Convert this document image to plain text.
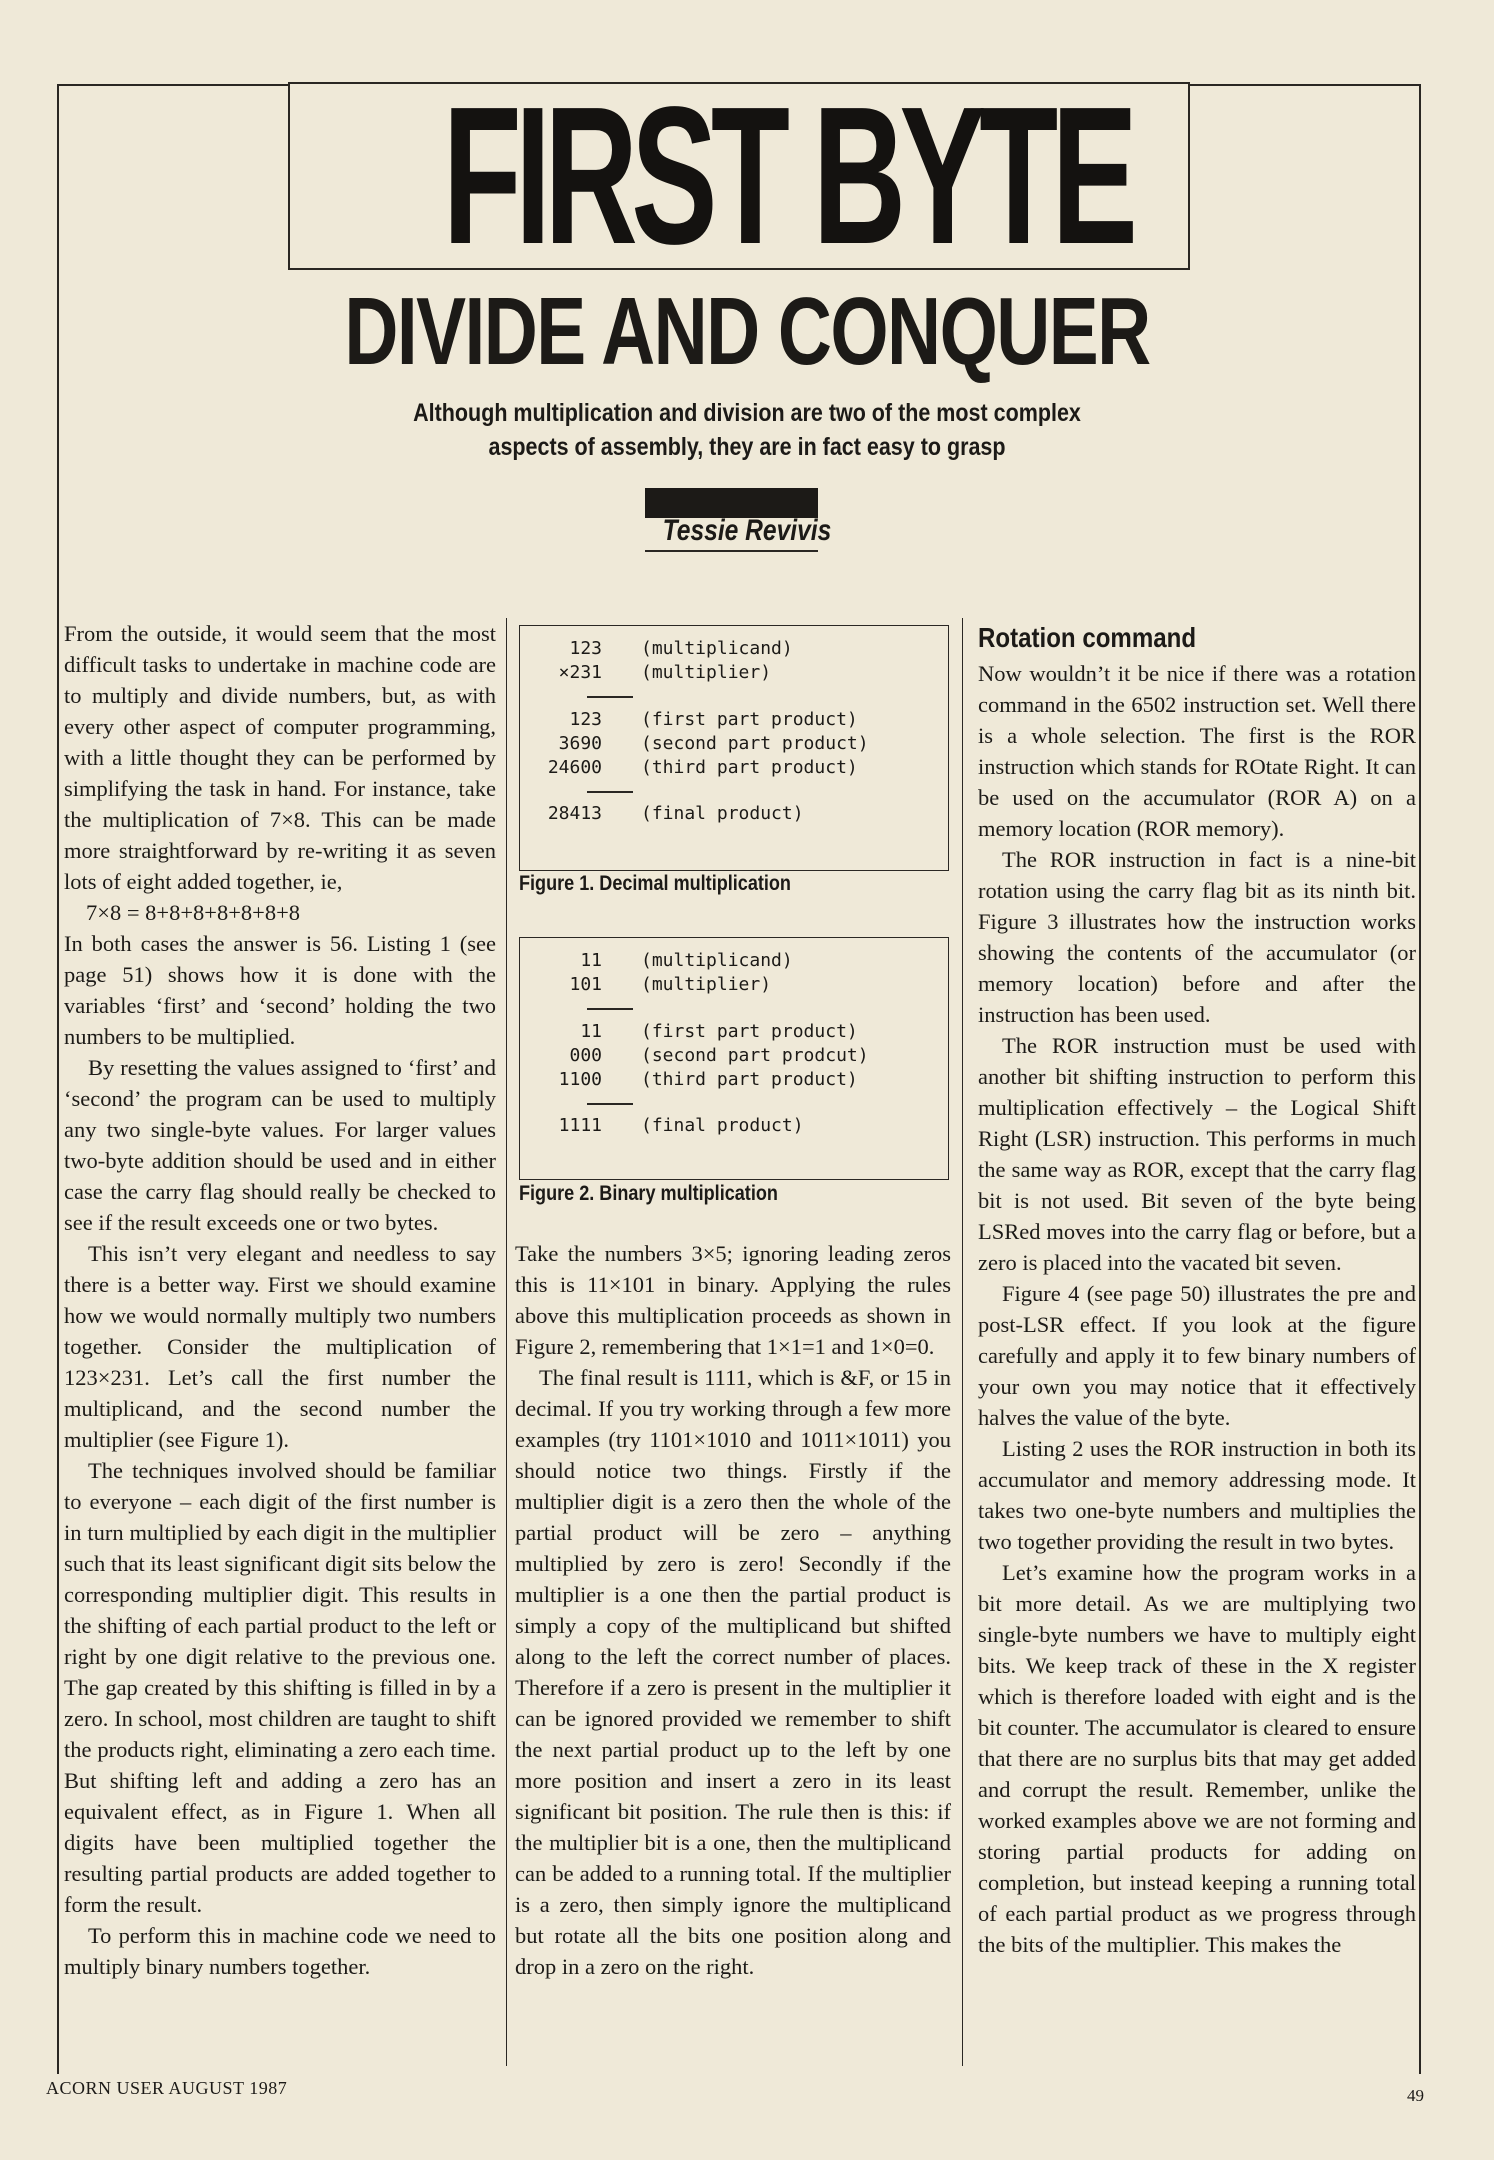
FIRST BYTE
DIVIDE AND CONQUER
Although multiplication and division are two of the most complex
aspects of assembly, they are in fact easy to grasp
Tessie Revivis

From the outside, it would seem that the most difficult tasks to undertake in machine code are to multiply and divide numbers, but, as with every other aspect of computer programming, with a little thought they can be performed by simplifying the task in hand. For instance, take the multiplication of 7×8. This can be made more straightforward by re-writing it as seven lots of eight added together, ie,

7×8 = 8+8+8+8+8+8+8

In both cases the answer is 56. Listing 1 (see page 51) shows how it is done with the variables ‘first’ and ‘second’ holding the two numbers to be multiplied.

By resetting the values assigned to ‘first’ and ‘second’ the program can be used to multiply any two single-byte values. For larger values two-byte addition should be used and in either case the carry flag should really be checked to see if the result exceeds one or two bytes.

This isn’t very elegant and needless to say there is a better way. First we should examine how we would normally multiply two numbers together. Consider the multiplication of 123×231. Let’s call the first number the multiplicand, and the second number the multiplier (see Figure 1).

The techniques involved should be familiar to everyone – each digit of the first number is in turn multiplied by each digit in the multiplier such that its least significant digit sits below the corresponding multiplier digit. This results in the shifting of each partial product to the left or right by one digit relative to the previous one. The gap created by this shifting is filled in by a zero. In school, most children are taught to shift the products right, eliminating a zero each time. But shifting left and adding a zero has an equivalent effect, as in Figure 1. When all digits have been multiplied together the resulting partial products are added together to form the result.

To perform this in machine code we need to multiply binary numbers together.

123 (multiplicand)
×231 (multiplier)
123 (first part product)
3690 (second part product)
24600 (third part product)
28413 (final product)
Figure 1. Decimal multiplication
11 (multiplicand)
101 (multiplier)
11 (first part product)
000 (second part prodcut)
1100 (third part product)
1111 (final product)
Figure 2. Binary multiplication

Take the numbers 3×5; ignoring leading zeros this is 11×101 in binary. Applying the rules above this multiplication proceeds as shown in Figure 2, remembering that 1×1=1 and 1×0=0.

The final result is 1111, which is &F, or 15 in decimal. If you try working through a few more examples (try 1101×1010 and 1011×1011) you should notice two things. Firstly if the multiplier digit is a zero then the whole of the partial product will be zero – anything multiplied by zero is zero! Secondly if the multiplier is a one then the partial product is simply a copy of the multiplicand but shifted along to the left the correct number of places. Therefore if a zero is present in the multiplier it can be ignored provided we remember to shift the next partial product up to the left by one more position and insert a zero in its least significant bit position. The rule then is this: if the multiplier bit is a one, then the multiplicand can be added to a running total. If the multiplier is a zero, then simply ignore the multiplicand but rotate all the bits one position along and drop in a zero on the right.

Rotation command

Now wouldn’t it be nice if there was a rotation command in the 6502 instruction set. Well there is a whole selection. The first is the ROR instruction which stands for ROtate Right. It can be used on the accumulator (ROR A) on a memory location (ROR memory).

The ROR instruction in fact is a nine-bit rotation using the carry flag bit as its ninth bit. Figure 3 illustrates how the instruction works showing the contents of the accumulator (or memory location) before and after the instruction has been used.

The ROR instruction must be used with another bit shifting instruction to perform this multiplication effectively – the Logical Shift Right (LSR) instruction. This performs in much the same way as ROR, except that the carry flag bit is not used. Bit seven of the byte being LSRed moves into the carry flag or before, but a zero is placed into the vacated bit seven.

Figure 4 (see page 50) illustrates the pre and post-LSR effect. If you look at the figure carefully and apply it to few binary numbers of your own you may notice that it effectively halves the value of the byte.

Listing 2 uses the ROR instruction in both its accumulator and memory addressing mode. It takes two one-byte numbers and multiplies the two together providing the result in two bytes.

Let’s examine how the program works in a bit more detail. As we are multiplying two single-byte numbers we have to multiply eight bits. We keep track of these in the X register which is therefore loaded with eight and is the bit counter. The accumulator is cleared to ensure that there are no surplus bits that may get added and corrupt the result. Remember, unlike the worked examples above we are not forming and storing partial products for adding on completion, but instead keeping a running total of each partial product as we progress through the bits of the multiplier. This makes the

ACORN USER AUGUST 1987	49
